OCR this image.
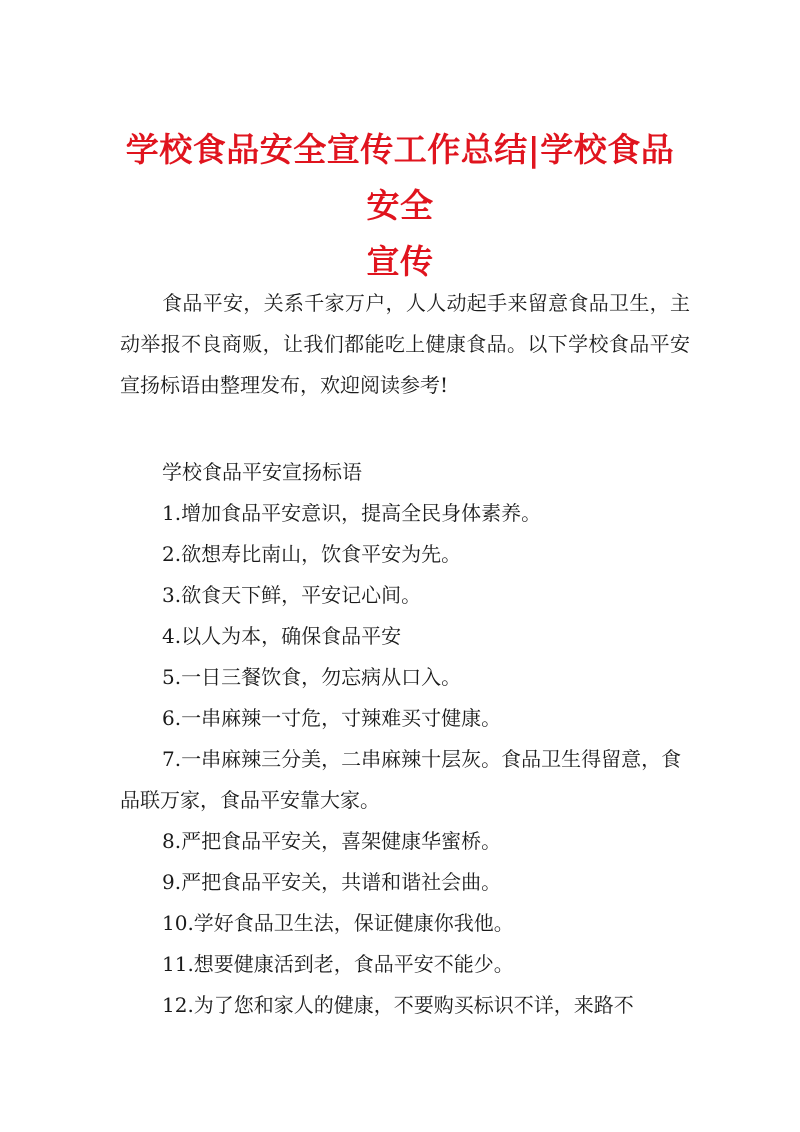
学校食品安全宣传工作总结|学校食品安全
宣传

食品平安，关系千家万户，人人动起手来留意食品卫生，主动举报不良商贩，让我们都能吃上健康食品。以下学校食品平安宣扬标语由整理发布，欢迎阅读参考!

学校食品平安宣扬标语

1.增加食品平安意识，提高全民身体素养。

2.欲想寿比南山，饮食平安为先。

3.欲食天下鲜，平安记心间。

4.以人为本，确保食品平安

5.一日三餐饮食，勿忘病从口入。

6.一串麻辣一寸危，寸辣难买寸健康。

7.一串麻辣三分美，二串麻辣十层灰。食品卫生得留意，食品联万家，食品平安靠大家。

8.严把食品平安关，喜架健康华蜜桥。

9.严把食品平安关，共谱和谐社会曲。

10.学好食品卫生法，保证健康你我他。

11.想要健康活到老，食品平安不能少。

12.为了您和家人的健康，不要购买标识不详，来路不
